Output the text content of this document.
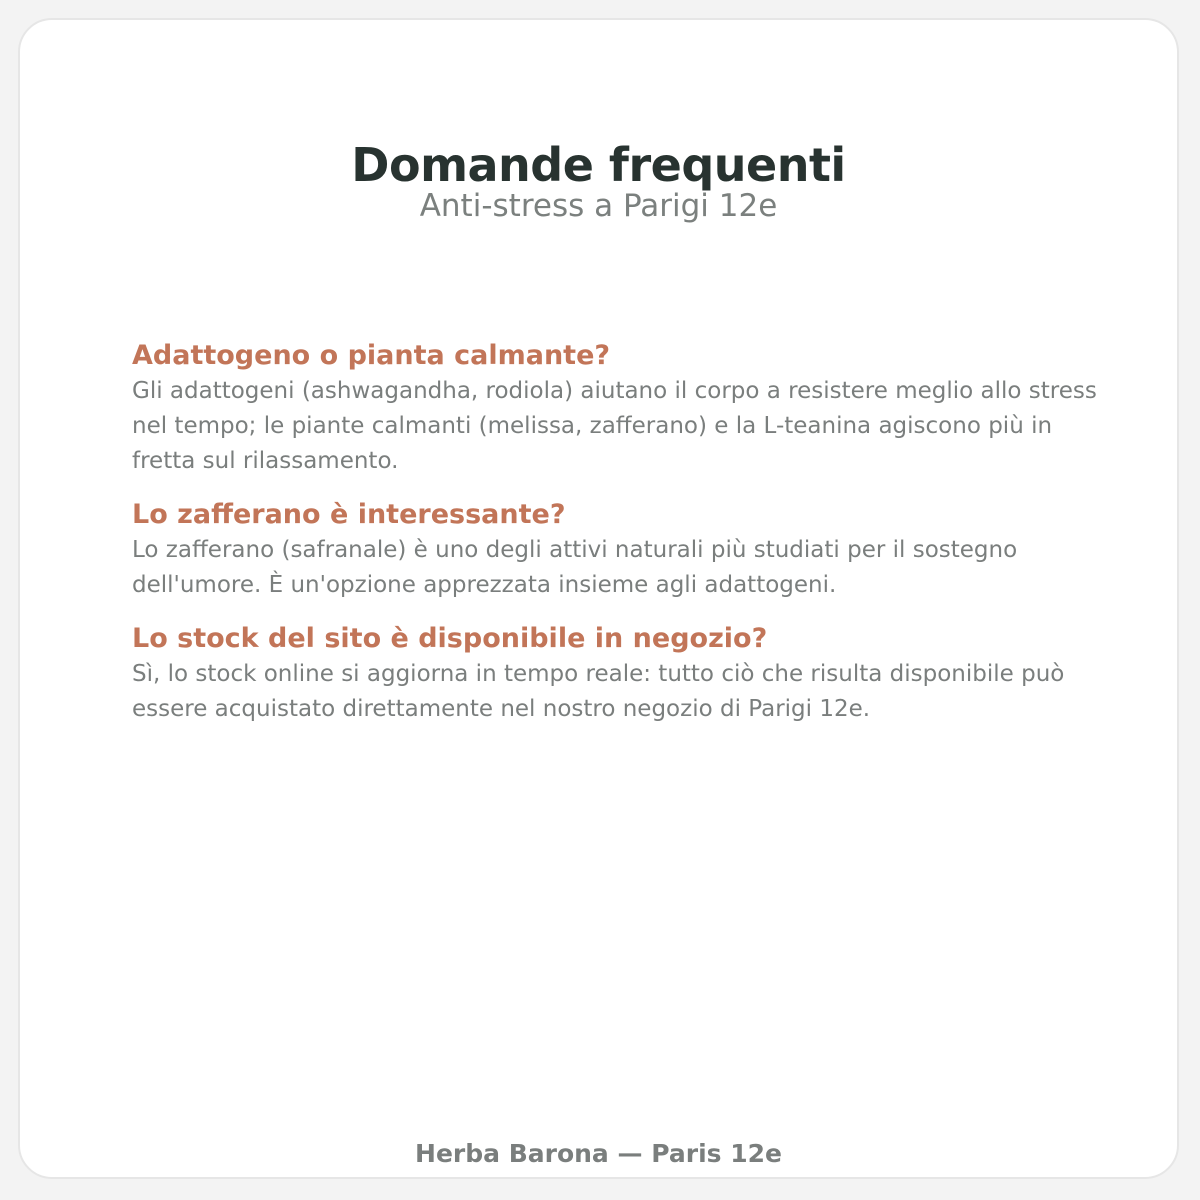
Domande frequenti
Anti-stress a Parigi 12e
Adattogeno o pianta calmante?

Gli adattogeni (ashwagandha, rodiola) aiutano il corpo a resistere meglio allo stress nel tempo; le piante calmanti (melissa, zafferano) e la L-teanina agiscono più in fretta sul rilassamento.

Lo zafferano è interessante?

Lo zafferano (safranale) è uno degli attivi naturali più studiati per il sostegno dell'umore. È un'opzione apprezzata insieme agli adattogeni.

Lo stock del sito è disponibile in negozio?

Sì, lo stock online si aggiorna in tempo reale: tutto ciò che risulta disponibile può essere acquistato direttamente nel nostro negozio di Parigi 12e.

Herba Barona — Paris 12e
